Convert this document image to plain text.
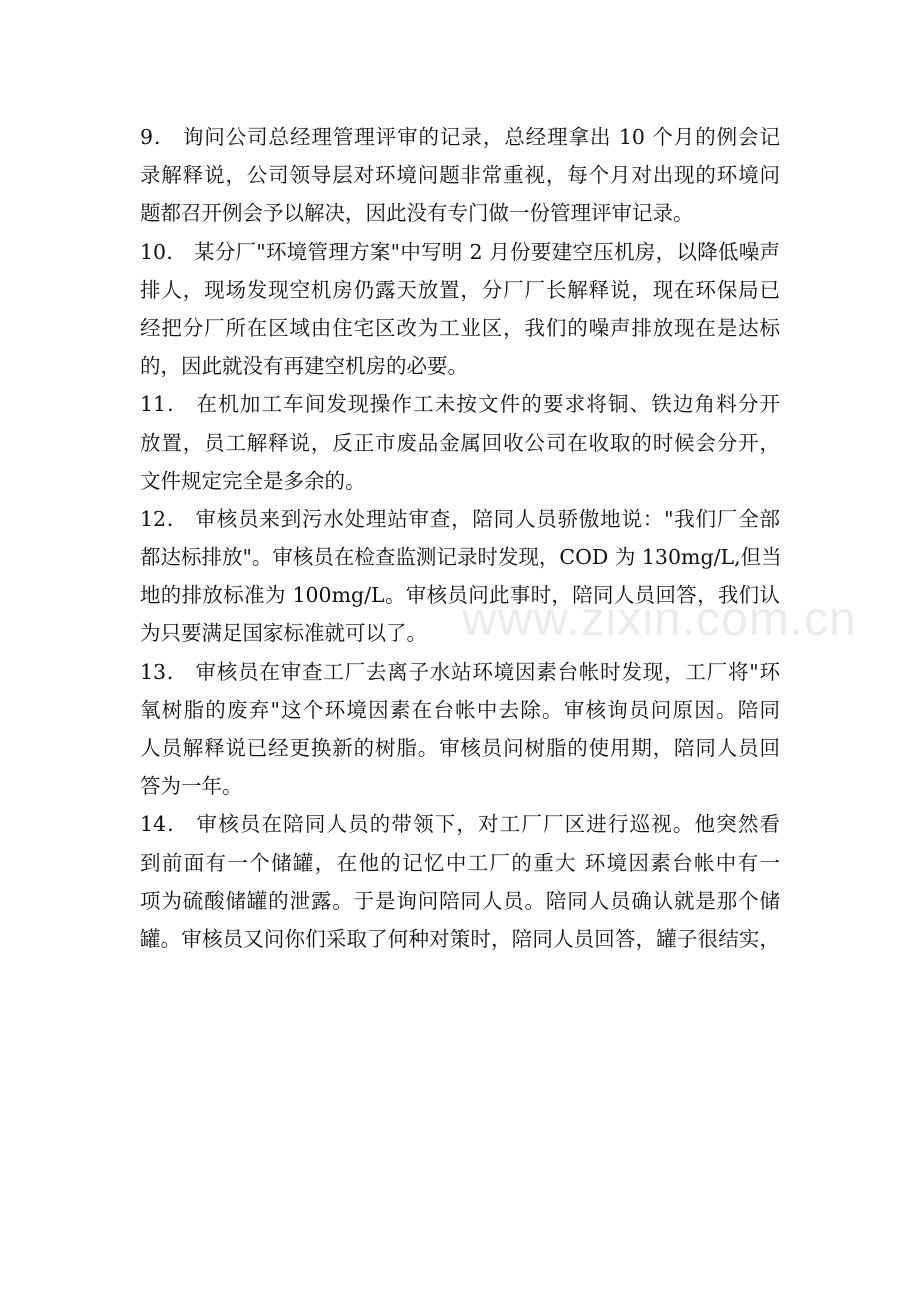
www.zixin.com.cn
9． 询问公司总经理管理评审的记录，总经理拿出 10 个月的例会记
录解释说，公司领导层对环境问题非常重视，每个月对出现的环境问
题都召开例会予以解决，因此没有专门做一份管理评审记录。
10． 某分厂"环境管理方案"中写明 2 月份要建空压机房，以降低噪声
排人，现场发现空机房仍露天放置，分厂厂长解释说，现在环保局已
经把分厂所在区域由住宅区改为工业区，我们的噪声排放现在是达标
的，因此就没有再建空机房的必要。
11． 在机加工车间发现操作工未按文件的要求将铜、铁边角料分开
放置，员工解释说，反正市废品金属回收公司在收取的时候会分开，
文件规定完全是多余的。
12． 审核员来到污水处理站审查，陪同人员骄傲地说："我们厂全部
都达标排放"。审核员在检查监测记录时发现，COD 为 130mg/L,但当
地的排放标准为 100mg/L。审核员问此事时，陪同人员回答，我们认
为只要满足国家标准就可以了。
13． 审核员在审查工厂去离子水站环境因素台帐时发现，工厂将"环
氧树脂的废弃"这个环境因素在台帐中去除。审核询员问原因。陪同
人员解释说已经更换新的树脂。审核员问树脂的使用期，陪同人员回
答为一年。
14． 审核员在陪同人员的带领下，对工厂厂区进行巡视。他突然看
到前面有一个储罐，在他的记忆中工厂的重大 环境因素台帐中有一
项为硫酸储罐的泄露。于是询问陪同人员。陪同人员确认就是那个储
罐。审核员又问你们采取了何种对策时，陪同人员回答，罐子很结实，
